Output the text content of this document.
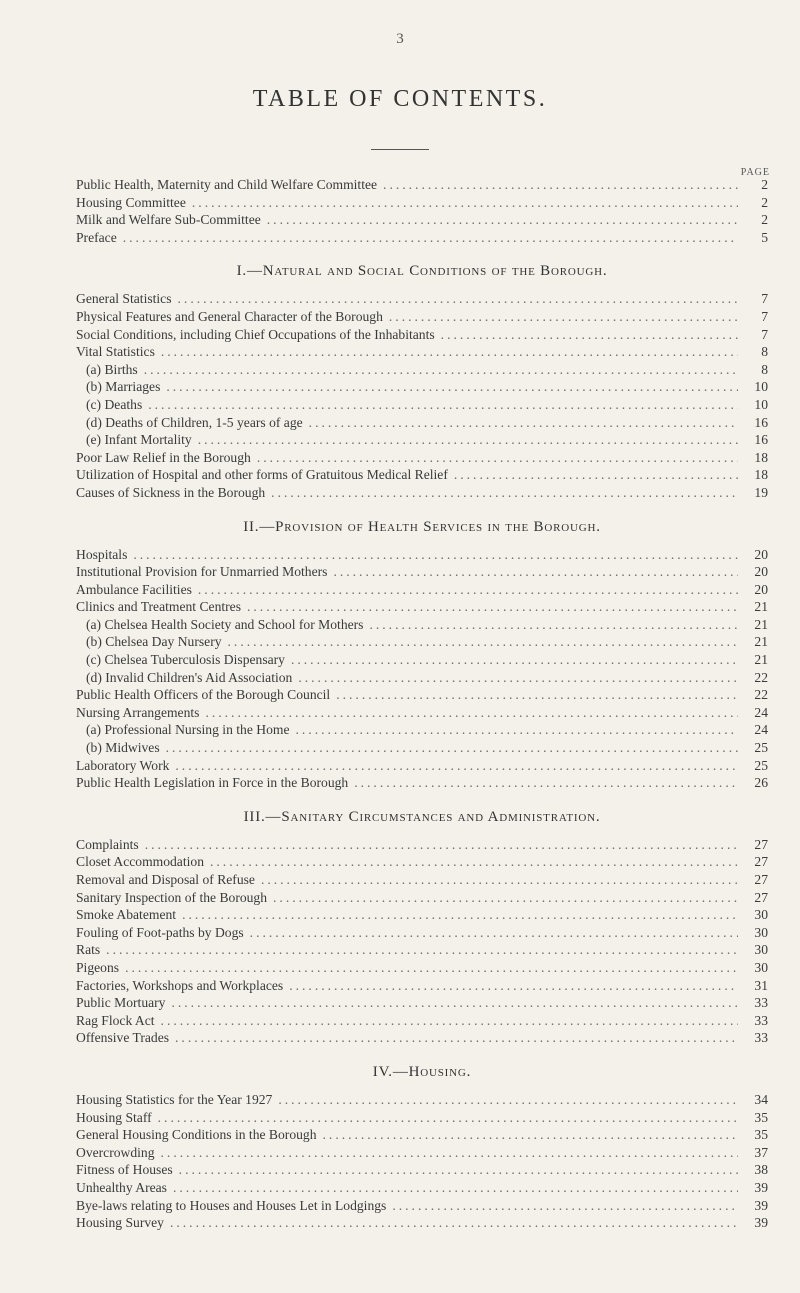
3
TABLE OF CONTENTS.
PAGE
Public Health, Maternity and Child Welfare Committee .....	2
Housing Committee .....	2
Milk and Welfare Sub-Committee .....	2
Preface .....	5
I.—Natural and Social Conditions of the Borough.
General Statistics .....	7
Physical Features and General Character of the Borough .....	7
Social Conditions, including Chief Occupations of the Inhabitants .....	7
Vital Statistics .....	8
(a) Births .....	8
(b) Marriages .....	10
(c) Deaths .....	10
(d) Deaths of Children, 1-5 years of age .....	16
(e) Infant Mortality .....	16
Poor Law Relief in the Borough .....	18
Utilization of Hospital and other forms of Gratuitous Medical Relief .....	18
Causes of Sickness in the Borough .....	19
II.—Provision of Health Services in the Borough.
Hospitals .....	20
Institutional Provision for Unmarried Mothers .....	20
Ambulance Facilities .....	20
Clinics and Treatment Centres .....	21
(a) Chelsea Health Society and School for Mothers .....	21
(b) Chelsea Day Nursery .....	21
(c) Chelsea Tuberculosis Dispensary .....	21
(d) Invalid Children's Aid Association .....	22
Public Health Officers of the Borough Council .....	22
Nursing Arrangements .....	24
(a) Professional Nursing in the Home .....	24
(b) Midwives .....	25
Laboratory Work .....	25
Public Health Legislation in Force in the Borough .....	26
III.—Sanitary Circumstances and Administration.
Complaints .....	27
Closet Accommodation .....	27
Removal and Disposal of Refuse .....	27
Sanitary Inspection of the Borough .....	27
Smoke Abatement .....	30
Fouling of Foot-paths by Dogs .....	30
Rats .....	30
Pigeons .....	30
Factories, Workshops and Workplaces .....	31
Public Mortuary .....	33
Rag Flock Act .....	33
Offensive Trades .....	33
IV.—Housing.
Housing Statistics for the Year 1927 .....	34
Housing Staff .....	35
General Housing Conditions in the Borough .....	35
Overcrowding .....	37
Fitness of Houses .....	38
Unhealthy Areas .....	39
Bye-laws relating to Houses and Houses Let in Lodgings .....	39
Housing Survey .....	39
